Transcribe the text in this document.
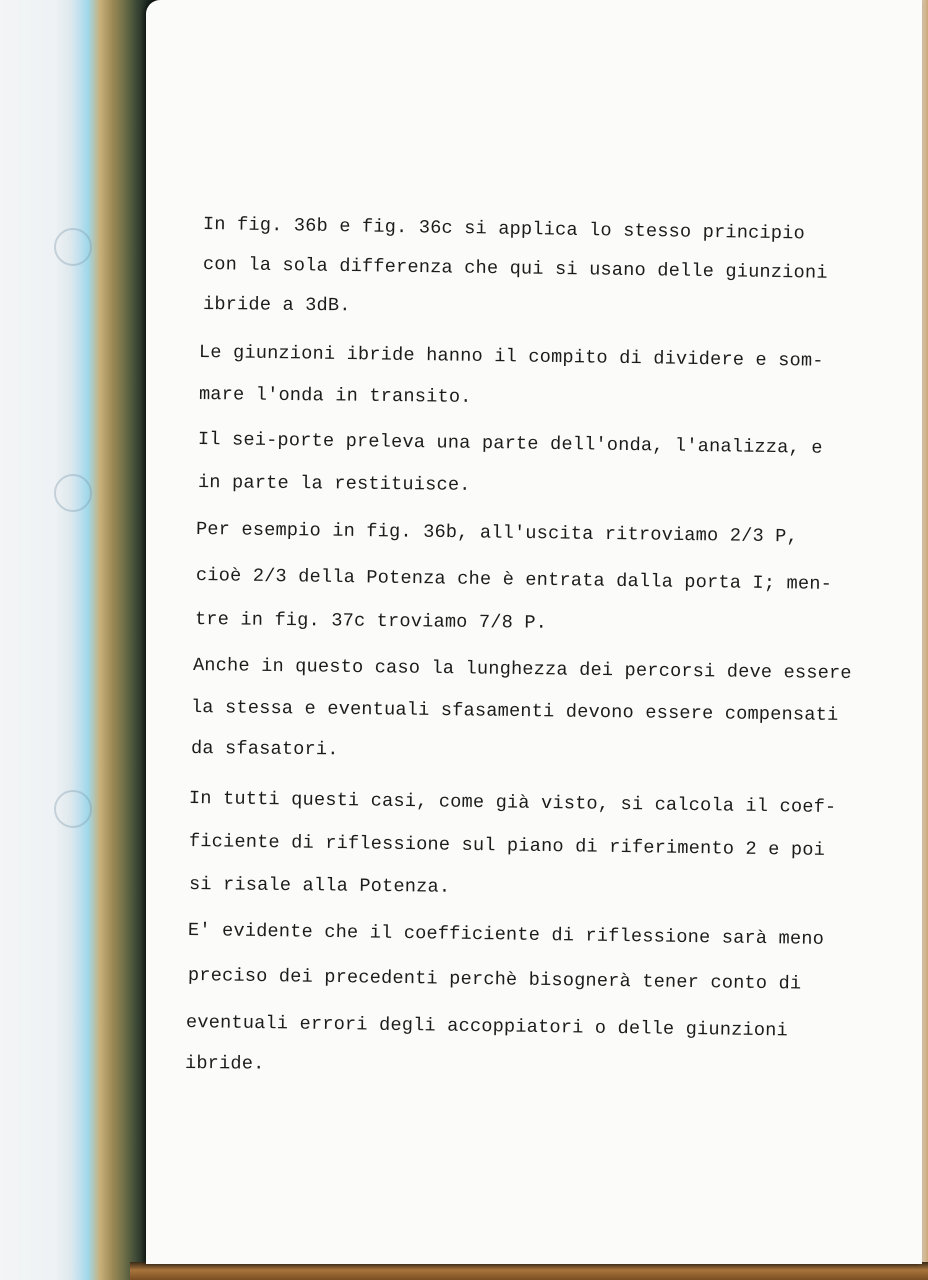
In fig. 36b e fig. 36c si applica lo stesso principio
con la sola differenza che qui si usano delle giunzioni
ibride a 3dB.
Le giunzioni ibride hanno il compito di dividere e som-
mare l'onda in transito.
Il sei-porte preleva una parte dell'onda, l'analizza, e
in parte la restituisce.
Per esempio in fig. 36b, all'uscita ritroviamo 2/3 P,
cioè 2/3 della Potenza che è entrata dalla porta I; men-
tre in fig. 37c troviamo 7/8 P.
Anche in questo caso la lunghezza dei percorsi deve essere
la stessa e eventuali sfasamenti devono essere compensati
da sfasatori.
In tutti questi casi, come già visto, si calcola il coef-
ficiente di riflessione sul piano di riferimento 2 e poi
si risale alla Potenza.
E' evidente che il coefficiente di riflessione sarà meno
preciso dei precedenti perchè bisognerà tener conto di
eventuali errori degli accoppiatori o delle giunzioni
ibride.
